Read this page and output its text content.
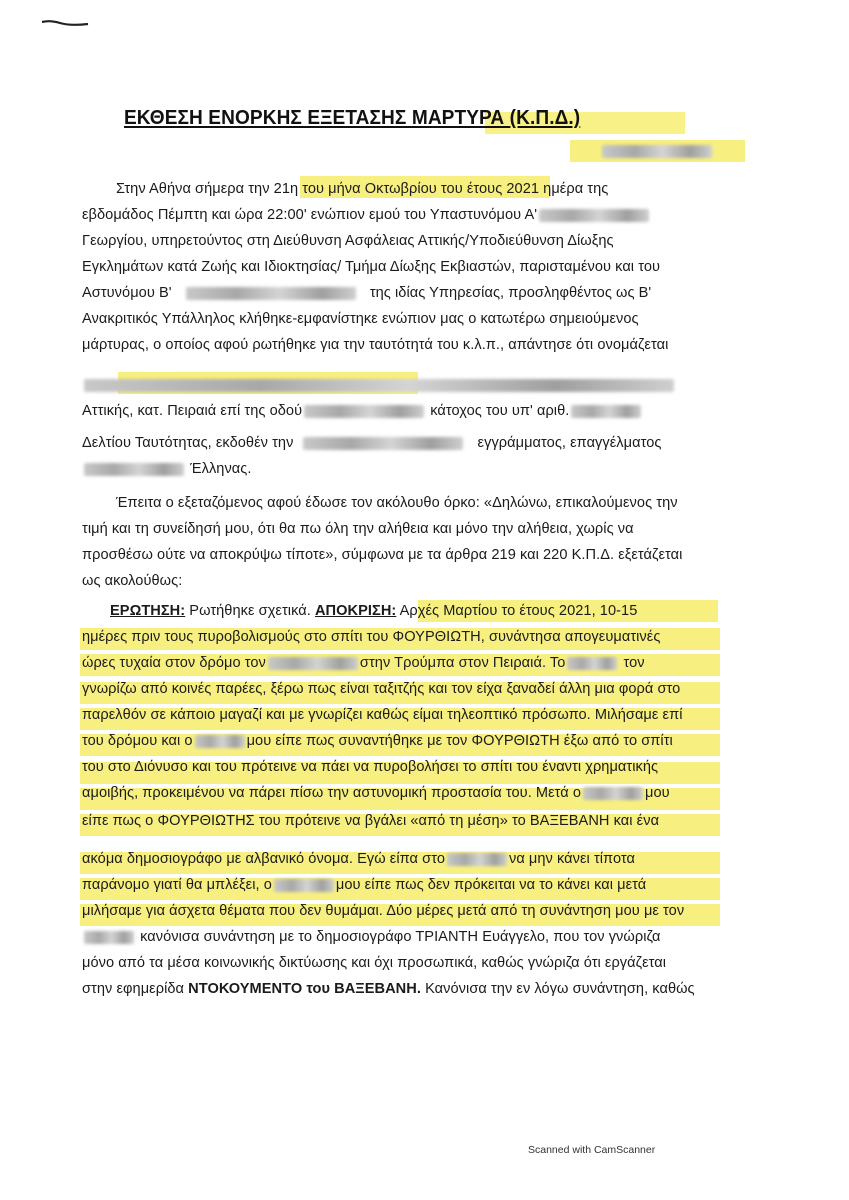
ΕΚΘΕΣΗ ΕΝΟΡΚΗΣ ΕΞΕΤΑΣΗΣ ΜΑΡΤΥΡΑ (Κ.Π.Δ.)
Στην Αθήνα σήμερα την 21η του μήνα Οκτωβρίου του έτους 2021 ημέρα της
εβδομάδος Πέμπτη και ώρα 22:00' ενώπιον εμού του Υπαστυνόμου Α'
Γεωργίου, υπηρετούντος στη Διεύθυνση Ασφάλειας Αττικής/Υποδιεύθυνση Δίωξης
Εγκλημάτων κατά Ζωής και Ιδιοκτησίας/ Τμήμα Δίωξης Εκβιαστών, παρισταμένου και του
Αστυνόμου Β'	της ιδίας Υπηρεσίας, προσληφθέντος ως Β'
Ανακριτικός Υπάλληλος κλήθηκε-εμφανίστηκε ενώπιον μας ο κατωτέρω σημειούμενος
μάρτυρας, ο οποίος αφού ρωτήθηκε για την ταυτότητά του κ.λ.π., απάντησε ότι ονομάζεται
Αττικής, κατ. Πειραιά επί της οδού	κάτοχος του υπ' αριθ.
Δελτίου Ταυτότητας, εκδοθέν την	εγγράμματος, επαγγέλματος
Έλληνας.
Έπειτα ο εξεταζόμενος αφού έδωσε τον ακόλουθο όρκο: «Δηλώνω, επικαλούμενος την
τιμή και τη συνείδησή μου, ότι θα πω όλη την αλήθεια και μόνο την αλήθεια, χωρίς να
προσθέσω ούτε να αποκρύψω τίποτε», σύμφωνα με τα άρθρα 219 και 220 Κ.Π.Δ. εξετάζεται
ως ακολούθως:
ΕΡΩΤΗΣΗ: Ρωτήθηκε σχετικά. ΑΠΟΚΡΙΣΗ: Αρχές Μαρτίου το έτους 2021, 10-15
ημέρες πριν τους πυροβολισμούς στο σπίτι του ΦΟΥΡΘΙΩΤΗ, συνάντησα απογευματινές
ώρες τυχαία στον δρόμο τον	στην Τρούμπα στον Πειραιά. Το	τον
γνωρίζω από κοινές παρέες, ξέρω πως είναι ταξιτζής και τον είχα ξαναδεί άλλη μια φορά στο
παρελθόν σε κάποιο μαγαζί και με γνωρίζει καθώς είμαι τηλεοπτικό πρόσωπο. Μιλήσαμε επί
του δρόμου και ο	μου είπε πως συναντήθηκε με τον ΦΟΥΡΘΙΩΤΗ έξω από το σπίτι
του στο Διόνυσο και του πρότεινε να πάει να πυροβολήσει το σπίτι του έναντι χρηματικής
αμοιβής, προκειμένου να πάρει πίσω την αστυνομική προστασία του. Μετά ο	μου
είπε πως ο ΦΟΥΡΘΙΩΤΗΣ του πρότεινε να βγάλει «από τη μέση» το ΒΑΞΕΒΑΝΗ και ένα
ακόμα δημοσιογράφο με αλβανικό όνομα. Εγώ είπα στο	να μην κάνει τίποτα
παράνομο γιατί θα μπλέξει, ο	μου είπε πως δεν πρόκειται να το κάνει και μετά
μιλήσαμε για άσχετα θέματα που δεν θυμάμαι. Δύο μέρες μετά από τη συνάντηση μου με τον
κανόνισα συνάντηση με το δημοσιογράφο ΤΡΙΑΝΤΗ Ευάγγελο, που τον γνώριζα
μόνο από τα μέσα κοινωνικής δικτύωσης και όχι προσωπικά, καθώς γνώριζα ότι εργάζεται
στην εφημερίδα ΝΤΟΚΟΥΜΕΝΤΟ του ΒΑΞΕΒΑΝΗ. Κανόνισα την εν λόγω συνάντηση, καθώς
Scanned with CamScanner
